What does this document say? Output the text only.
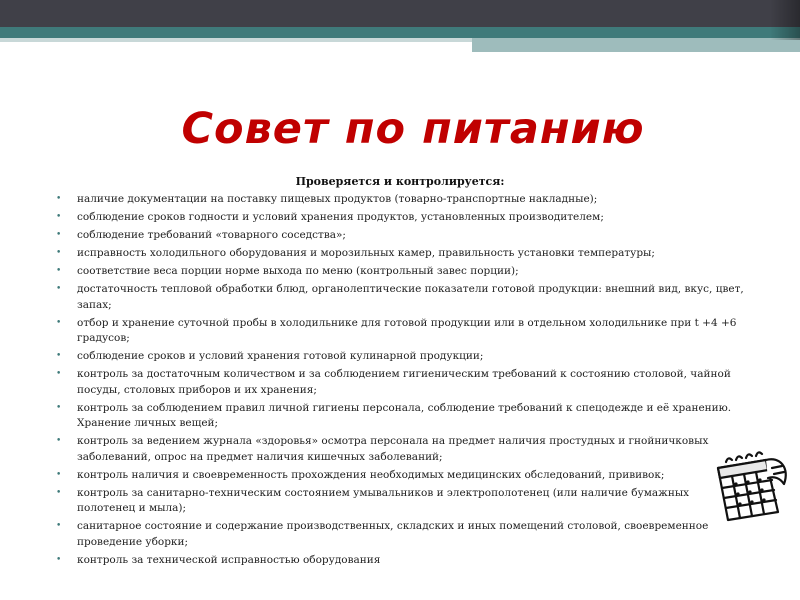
Совет по питанию

Проверяется и контролируется:

• наличие документации на поставку пищевых продуктов (товарно-транспортные накладные);
• соблюдение сроков годности и условий хранения продуктов, установленных производителем;
• соблюдение требований «товарного соседства»;
• исправность холодильного оборудования и морозильных камер, правильность установки температуры;
• соответствие веса порции норме выхода по меню (контрольный завес порции);
• достаточность тепловой обработки блюд, органолептические показатели готовой продукции: внешний вид, вкус, цвет, запах;
• отбор и хранение суточной пробы в холодильнике для готовой продукции или в отдельном холодильнике при t +4 +6 градусов;
• соблюдение сроков и условий хранения готовой кулинарной продукции;
• контроль за достаточным количеством и за соблюдением гигиеническим требований к состоянию столовой, чайной посуды, столовых приборов и их хранения;
• контроль за соблюдением правил личной гигиены персонала, соблюдение требований к спецодежде и её хранению. Хранение личных вещей;
• контроль за ведением журнала «здоровья» осмотра персонала на предмет наличия простудных и гнойничковых заболеваний, опрос на предмет наличия кишечных заболеваний;
• контроль наличия и своевременность прохождения необходимых медицинских обследований, прививок;
• контроль за санитарно-техническим состоянием умывальников и электрополотенец (или наличие бумажных полотенец и мыла);
• санитарное состояние и содержание производственных, складских и иных помещений столовой, своевременное проведение уборки;
• контроль за технической исправностью оборудования
